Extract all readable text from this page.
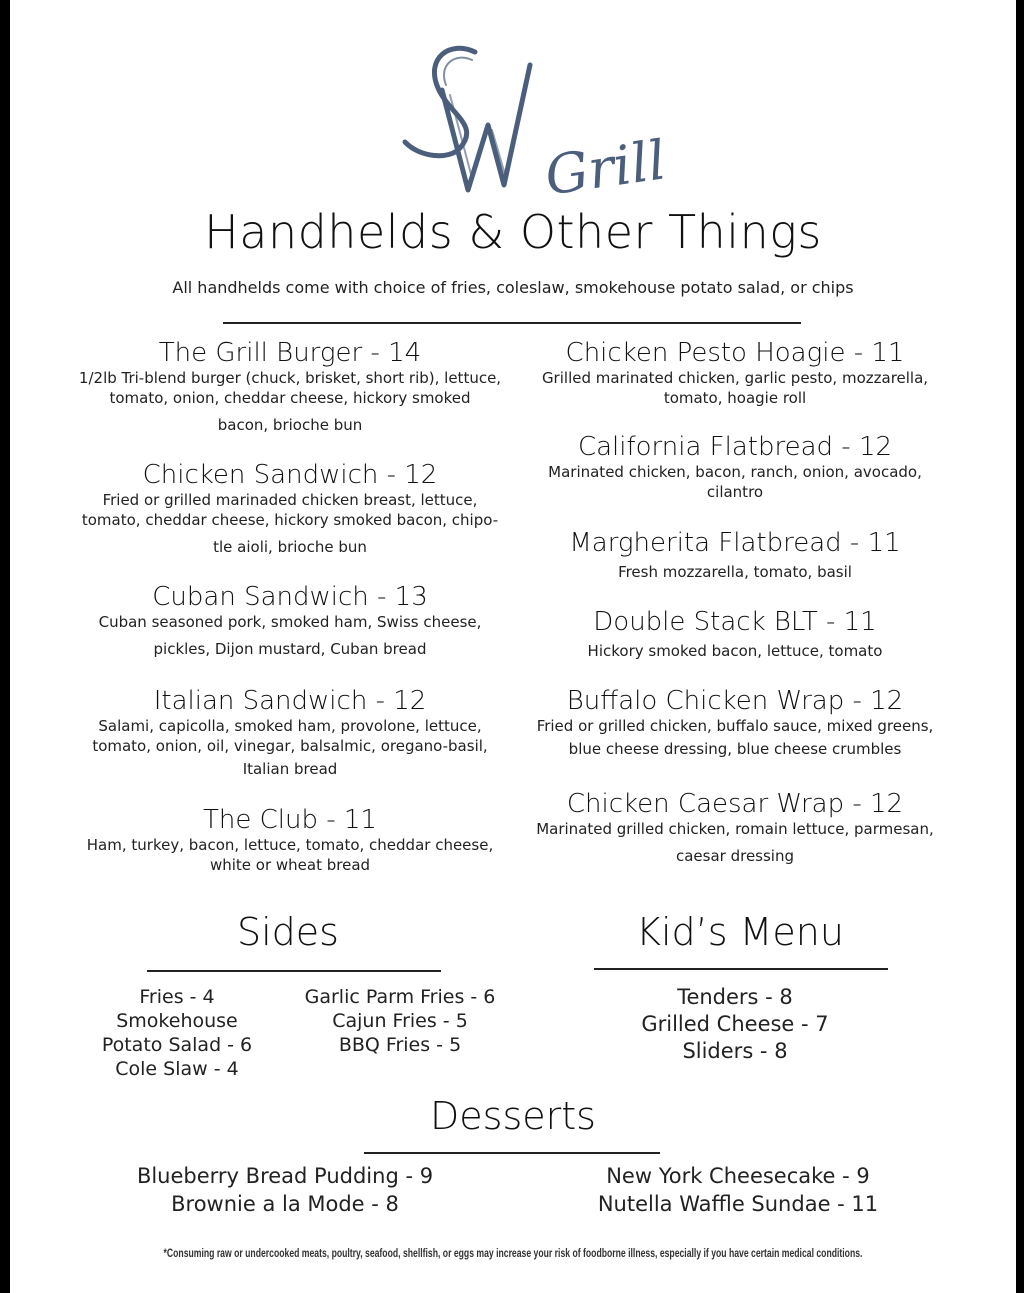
Grill
Handhelds & Other Things
All handhelds come with choice of fries, coleslaw, smokehouse potato salad, or chips
The Grill Burger - 14
1/2lb Tri-blend burger (chuck, brisket, short rib), lettuce,
tomato, onion, cheddar cheese, hickory smoked
bacon, brioche bun
Chicken Sandwich - 12
Fried or grilled marinaded chicken breast, lettuce,
tomato, cheddar cheese, hickory smoked bacon, chipo-
tle aioli, brioche bun
Cuban Sandwich - 13
Cuban seasoned pork, smoked ham, Swiss cheese,
pickles, Dijon mustard, Cuban bread
Italian Sandwich - 12
Salami, capicolla, smoked ham, provolone, lettuce,
tomato, onion, oil, vinegar, balsalmic, oregano-basil,
Italian bread
The Club - 11
Ham, turkey, bacon, lettuce, tomato, cheddar cheese,
white or wheat bread
Chicken Pesto Hoagie - 11
Grilled marinated chicken, garlic pesto, mozzarella,
tomato, hoagie roll
California Flatbread - 12
Marinated chicken, bacon, ranch, onion, avocado,
cilantro
Margherita Flatbread - 11
Fresh mozzarella, tomato, basil
Double Stack BLT - 11
Hickory smoked bacon, lettuce, tomato
Buffalo Chicken Wrap - 12
Fried or grilled chicken, buffalo sauce, mixed greens,
blue cheese dressing, blue cheese crumbles
Chicken Caesar Wrap - 12
Marinated grilled chicken, romain lettuce, parmesan,
caesar dressing
Sides
Fries - 4
Smokehouse
Potato Salad - 6
Cole Slaw - 4
Garlic Parm Fries - 6
Cajun Fries - 5
BBQ Fries - 5
Kid’s Menu
Tenders - 8
Grilled Cheese - 7
Sliders - 8
Desserts
Blueberry Bread Pudding - 9
Brownie a la Mode - 8
New York Cheesecake - 9
Nutella Waffle Sundae - 11
*Consuming raw or undercooked meats, poultry, seafood, shellfish, or eggs may increase your risk of foodborne illness, especially if you have certain medical conditions.
